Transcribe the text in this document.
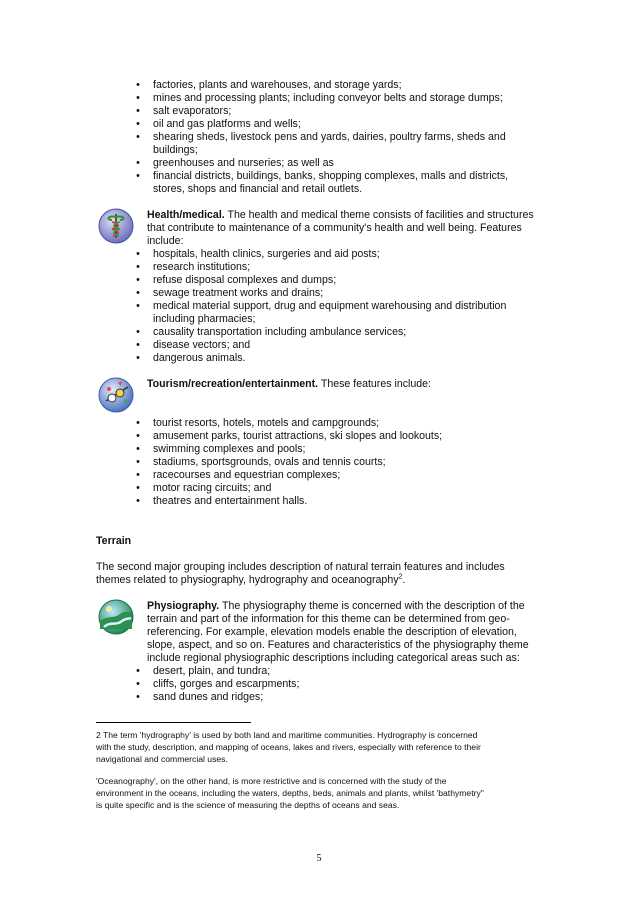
• factories, plants and warehouses, and storage yards;
• mines and processing plants; including conveyor belts and storage dumps;
• salt evaporators;
• oil and gas platforms and wells;
• shearing sheds, livestock pens and yards, dairies, poultry farms, sheds and
buildings;
• greenhouses and nurseries; as well as
• financial districts, buildings, banks, shopping complexes, malls and districts,
stores, shops and financial and retail outlets.
Health/medical. The health and medical theme consists of facilities and structures
that contribute to maintenance of a community's health and well being. Features
include:
• hospitals, health clinics, surgeries and aid posts;
• research institutions;
• refuse disposal complexes and dumps;
• sewage treatment works and drains;
• medical material support, drug and equipment warehousing and distribution
including pharmacies;
• causality transportation including ambulance services;
• disease vectors; and
• dangerous animals.
Tourism/recreation/entertainment. These features include:
• tourist resorts, hotels, motels and campgrounds;
• amusement parks, tourist attractions, ski slopes and lookouts;
• swimming complexes and pools;
• stadiums, sportsgrounds, ovals and tennis courts;
• racecourses and equestrian complexes;
• motor racing circuits; and
• theatres and entertainment halls.
Terrain
The second major grouping includes description of natural terrain features and includes
themes related to physiography, hydrography and oceanography$^2$.
Physiography. The physiography theme is concerned with the description of the
terrain and part of the information for this theme can be determined from geo-
referencing. For example, elevation models enable the description of elevation,
slope, aspect, and so on. Features and characteristics of the physiography theme
include regional physiographic descriptions including categorical areas such as:
• desert, plain, and tundra;
• cliffs, gorges and escarpments;
• sand dunes and ridges;
2 The term 'hydrography' is used by both land and maritime communities. Hydrography is concerned
with the study, description, and mapping of oceans, lakes and rivers, especially with reference to their
navigational and commercial uses.
'Oceanography', on the other hand, is more restrictive and is concerned with the study of the
environment in the oceans, including the waters, depths, beds, animals and plants, whilst 'bathymetry"
is quite specific and is the science of measuring the depths of oceans and seas.
5
